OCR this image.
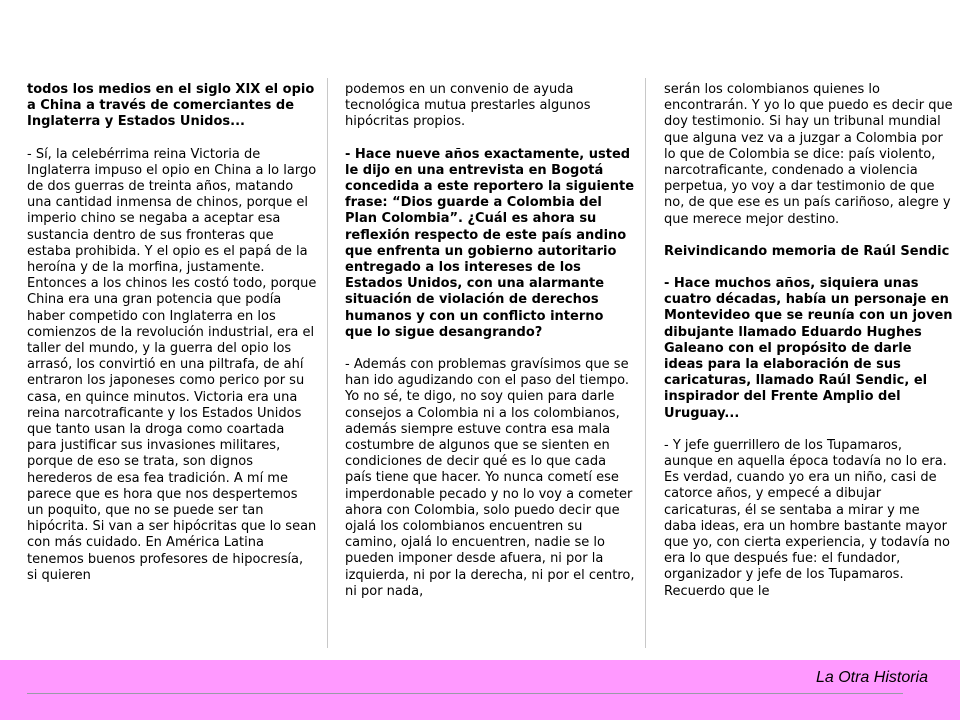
todos los medios en el siglo XIX el opio a China a través de comerciantes de Inglaterra y Estados Unidos...

- Sí, la celebérrima reina Victoria de Inglaterra impuso el opio en China a lo largo de dos guerras de treinta años, matando una cantidad inmensa de chinos, porque el imperio chino se negaba a aceptar esa sustancia dentro de sus fronteras que estaba prohibida. Y el opio es el papá de la heroína y de la morfina, justamente. Entonces a los chinos les costó todo, porque China era una gran potencia que podía haber competido con Inglaterra en los comienzos de la revolución industrial, era el taller del mundo, y la guerra del opio los arrasó, los convirtió en una piltrafa, de ahí entraron los japoneses como perico por su casa, en quince minutos. Victoria era una reina narcotraficante y los Estados Unidos que tanto usan la droga como coartada para justificar sus invasiones militares, porque de eso se trata, son dignos herederos de esa fea tradición. A mí me parece que es hora que nos despertemos un poquito, que no se puede ser tan hipócrita. Si van a ser hipócritas que lo sean con más cuidado. En América Latina tenemos buenos profesores de hipocresía, si quieren

podemos en un convenio de ayuda tecnológica mutua prestarles algunos hipócritas propios.

- Hace nueve años exactamente, usted le dijo en una entrevista en Bogotá concedida a este reportero la siguiente frase: “Dios guarde a Colombia del Plan Colombia”. ¿Cuál es ahora su reflexión respecto de este país andino que enfrenta un gobierno autoritario entregado a los intereses de los Estados Unidos, con una alarmante situación de violación de derechos humanos y con un conflicto interno que lo sigue desangrando?

- Además con problemas gravísimos que se han ido agudizando con el paso del tiempo. Yo no sé, te digo, no soy quien para darle consejos a Colombia ni a los colombianos, además siempre estuve contra esa mala costumbre de algunos que se sienten en condiciones de decir qué es lo que cada país tiene que hacer. Yo nunca cometí ese imperdonable pecado y no lo voy a cometer ahora con Colombia, solo puedo decir que ojalá los colombianos encuentren su camino, ojalá lo encuentren, nadie se lo pueden imponer desde afuera, ni por la izquierda, ni por la derecha, ni por el centro, ni por nada,

serán los colombianos quienes lo encontrarán. Y yo lo que puedo es decir que doy testimonio. Si hay un tribunal mundial que alguna vez va a juzgar a Colombia por lo que de Colombia se dice: país violento, narcotraficante, condenado a violencia perpetua, yo voy a dar testimonio de que no, de que ese es un país cariñoso, alegre y que merece mejor destino.

Reivindicando memoria de Raúl Sendic

- Hace muchos años, siquiera unas cuatro décadas, había un personaje en Montevideo que se reunía con un joven dibujante llamado Eduardo Hughes Galeano con el propósito de darle ideas para la elaboración de sus caricaturas, llamado Raúl Sendic, el inspirador del Frente Amplio del Uruguay...

- Y jefe guerrillero de los Tupamaros, aunque en aquella época todavía no lo era. Es verdad, cuando yo era un niño, casi de catorce años, y empecé a dibujar caricaturas, él se sentaba a mirar y me daba ideas, era un hombre bastante mayor que yo, con cierta experiencia, y todavía no era lo que después fue: el fundador, organizador y jefe de los Tupamaros. Recuerdo que le

La Otra Historia
